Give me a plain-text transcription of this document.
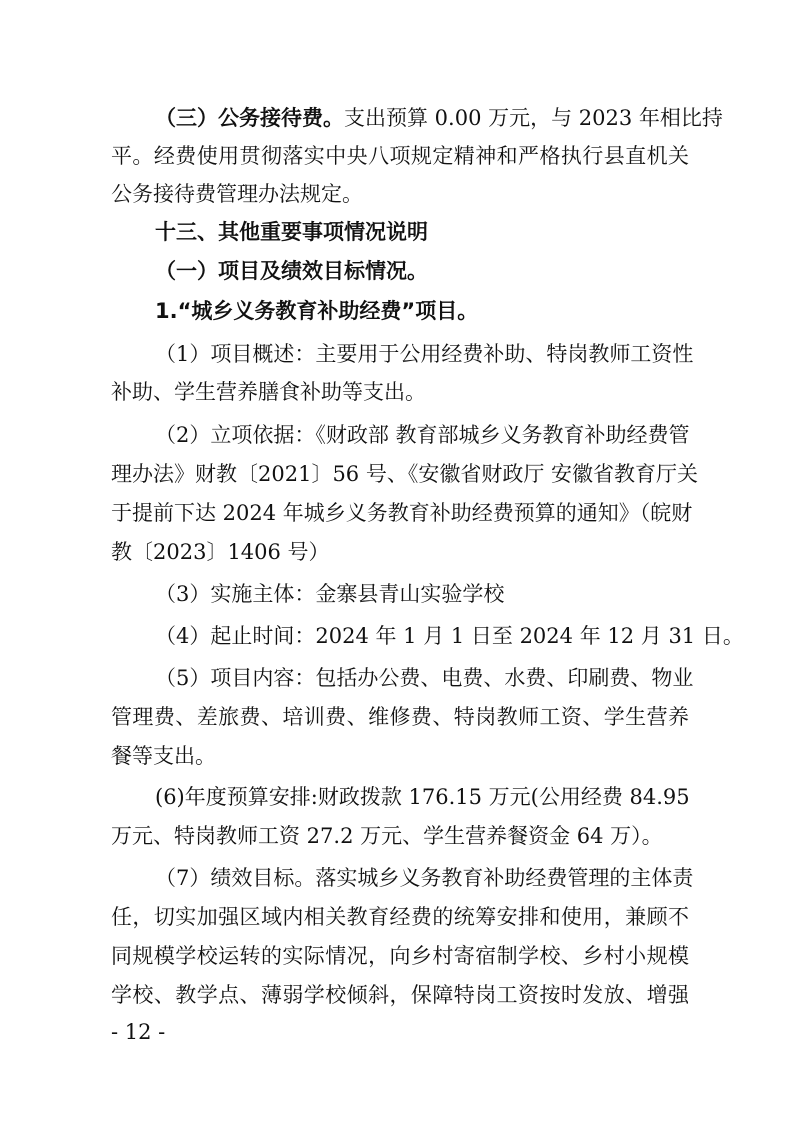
（三）公务接待费。支出预算 0.00 万元，与 2023 年相比持
平。经费使用贯彻落实中央八项规定精神和严格执行县直机关
公务接待费管理办法规定。
十三、其他重要事项情况说明
（一）项目及绩效目标情况。
1.“城乡义务教育补助经费”项目。
（1）项目概述：主要用于公用经费补助、特岗教师工资性
补助、学生营养膳食补助等支出。
（2）立项依据：《财政部 教育部城乡义务教育补助经费管
理办法》财教〔2021〕56 号、《安徽省财政厅 安徽省教育厅关
于提前下达 2024 年城乡义务教育补助经费预算的通知》（皖财
教〔2023〕1406 号）
（3）实施主体：金寨县青山实验学校
（4）起止时间：2024 年 1 月 1 日至 2024 年 12 月 31 日。
（5）项目内容：包括办公费、电费、水费、印刷费、物业
管理费、差旅费、培训费、维修费、特岗教师工资、学生营养
餐等支出。
(6)年度预算安排:财政拨款 176.15 万元(公用经费 84.95
万元、特岗教师工资 27.2 万元、学生营养餐资金 64 万）。
（7）绩效目标。落实城乡义务教育补助经费管理的主体责
任，切实加强区域内相关教育经费的统筹安排和使用，兼顾不
同规模学校运转的实际情况，向乡村寄宿制学校、乡村小规模
学校、教学点、薄弱学校倾斜，保障特岗工资按时发放、增强
- 12 -
